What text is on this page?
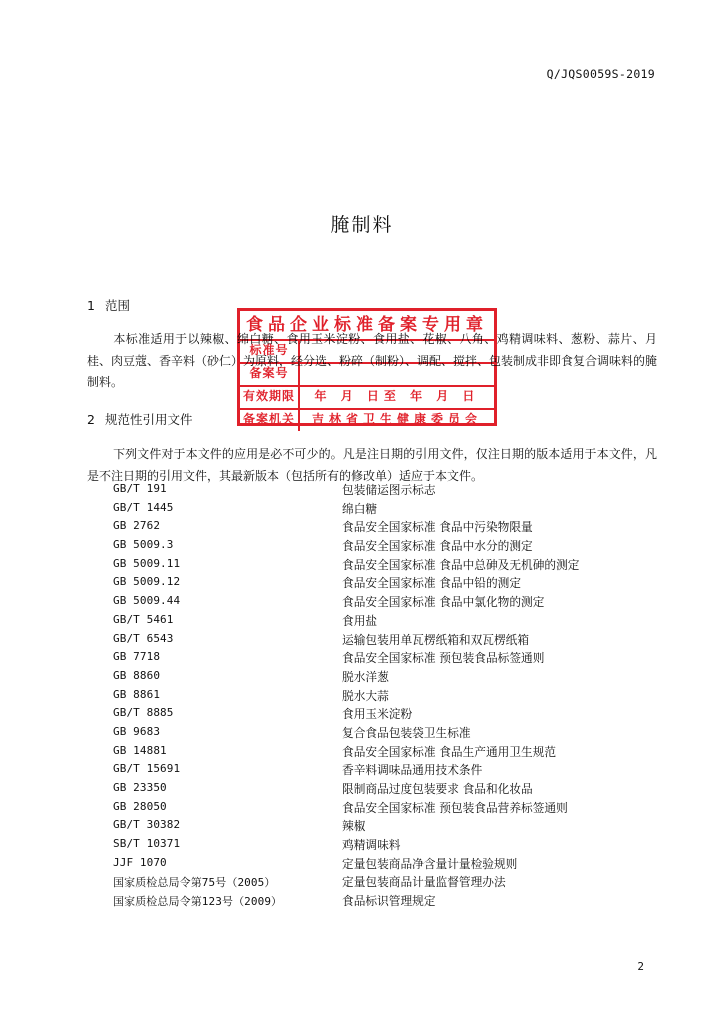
Q/JQS0059S-2019
腌制料
1 范围
本标准适用于以辣椒、绵白糖、食用玉米淀粉、食用盐、花椒、八角、鸡精调味料、葱粉、蒜片、月桂、肉豆蔻、香辛料（砂仁）为原料，经分选、粉碎（制粉）、调配、搅拌、包装制成非即食复合调味料的腌制料。
2 规范性引用文件
下列文件对于本文件的应用是必不可少的。凡是注日期的引用文件，仅注日期的版本适用于本文件，凡是不注日期的引用文件，其最新版本（包括所有的修改单）适应于本文件。
GB/T 191	包装储运图示标志
GB/T 1445	绵白糖
GB 2762	食品安全国家标准 食品中污染物限量
GB 5009.3	食品安全国家标准 食品中水分的测定
GB 5009.11	食品安全国家标准 食品中总砷及无机砷的测定
GB 5009.12	食品安全国家标准 食品中铅的测定
GB 5009.44	食品安全国家标准 食品中氯化物的测定
GB/T 5461	食用盐
GB/T 6543	运输包装用单瓦楞纸箱和双瓦楞纸箱
GB 7718	食品安全国家标准 预包装食品标签通则
GB 8860	脱水洋葱
GB 8861	脱水大蒜
GB/T 8885	食用玉米淀粉
GB 9683	复合食品包装袋卫生标准
GB 14881	食品安全国家标准 食品生产通用卫生规范
GB/T 15691	香辛料调味品通用技术条件
GB 23350	限制商品过度包装要求 食品和化妆品
GB 28050	食品安全国家标准 预包装食品营养标签通则
GB/T 30382	辣椒
SB/T 10371	鸡精调味料
JJF 1070	定量包装商品净含量计量检验规则
国家质检总局令第75号（2005）	定量包装商品计量监督管理办法
国家质检总局令第123号（2009）	食品标识管理规定
食品企业标准备案专用章
标准号
备案号
有效期限	年 月 日至 年 月 日
备案机关	吉林省卫生健康委员会
2
